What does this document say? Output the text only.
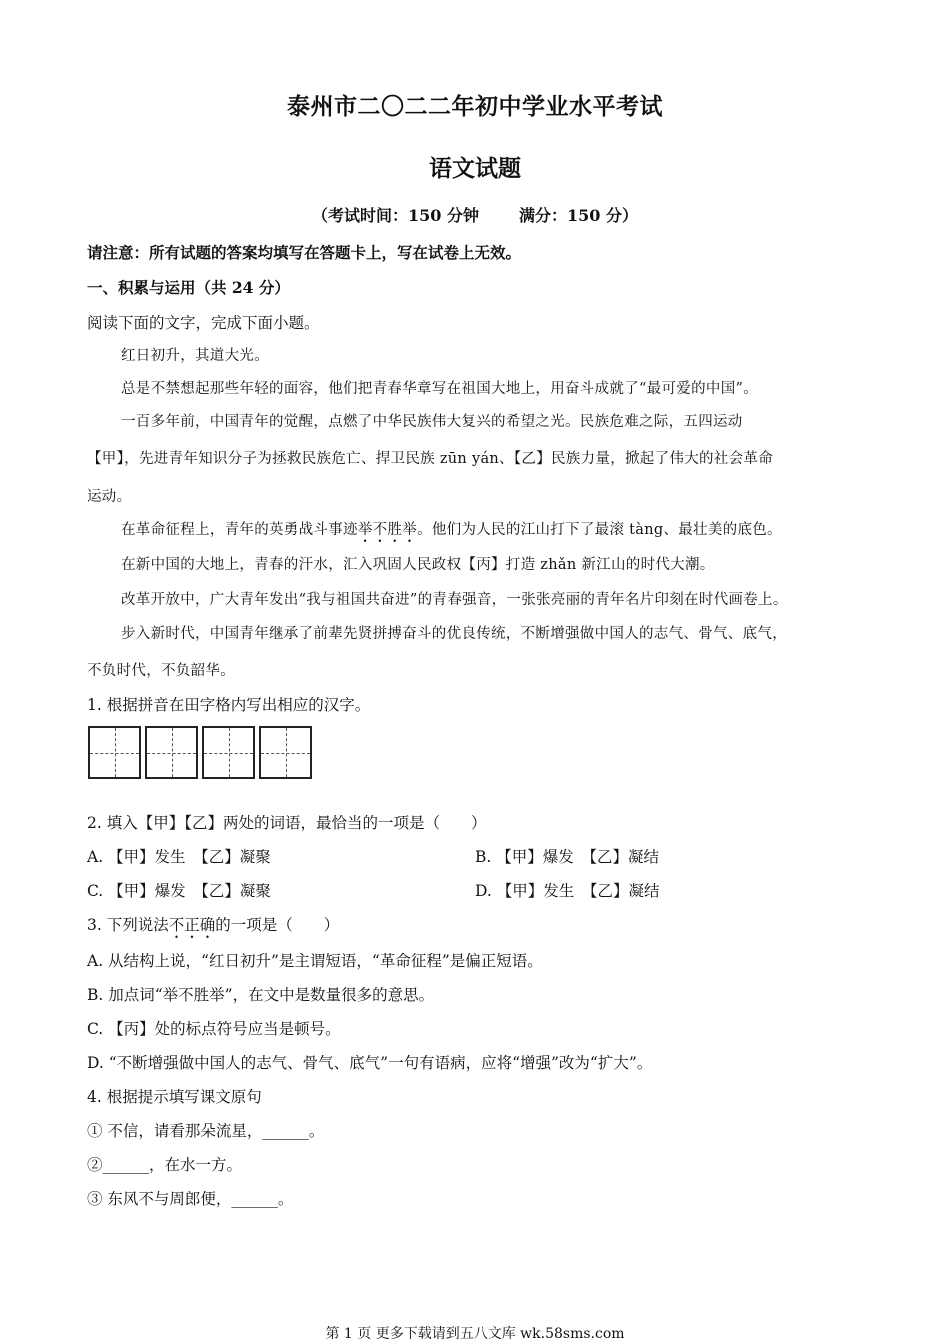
泰州市二〇二二年初中学业水平考试
语文试题
（考试时间：150 分钟	满分：150 分）
请注意：所有试题的答案均填写在答题卡上，写在试卷上无效。
一、积累与运用（共 24 分）
阅读下面的文字，完成下面小题。
红日初升，其道大光。
总是不禁想起那些年轻的面容，他们把青春华章写在祖国大地上，用奋斗成就了“最可爱的中国”。
一百多年前，中国青年的觉醒，点燃了中华民族伟大复兴的希望之光。民族危难之际，五四运动
【甲】，先进青年知识分子为拯救民族危亡、捍卫民族 zūn yán、【乙】民族力量，掀起了伟大的社会革命
运动。
在革命征程上，青年的英勇战斗事迹举不胜举。他们为人民的江山打下了最滚 tàng、最壮美的底色。
在新中国的大地上，青春的汗水，汇入巩固人民政权【丙】打造 zhǎn 新江山的时代大潮。
改革开放中，广大青年发出“我与祖国共奋进”的青春强音，一张张亮丽的青年名片印刻在时代画卷上。
步入新时代，中国青年继承了前辈先贤拼搏奋斗的优良传统，不断增强做中国人的志气、骨气、底气，
不负时代，不负韶华。
1. 根据拼音在田字格内写出相应的汉字。
2. 填入【甲】【乙】两处的词语，最恰当的一项是（　　）
A. 【甲】发生　【乙】凝聚	B. 【甲】爆发　【乙】凝结
C. 【甲】爆发　【乙】凝聚	D. 【甲】发生　【乙】凝结
3. 下列说法不正确的一项是（　　）
A. 从结构上说，“红日初升”是主谓短语，“革命征程”是偏正短语。
B. 加点词“举不胜举”，在文中是数量很多的意思。
C. 【丙】处的标点符号应当是顿号。
D. “不断增强做中国人的志气、骨气、底气”一句有语病，应将“增强”改为“扩大”。
4. 根据提示填写课文原句
① 不信，请看那朵流星，______。
②______，在水一方。
③ 东风不与周郎便，______。
第 1 页 更多下载请到五八文库 wk.58sms.com
